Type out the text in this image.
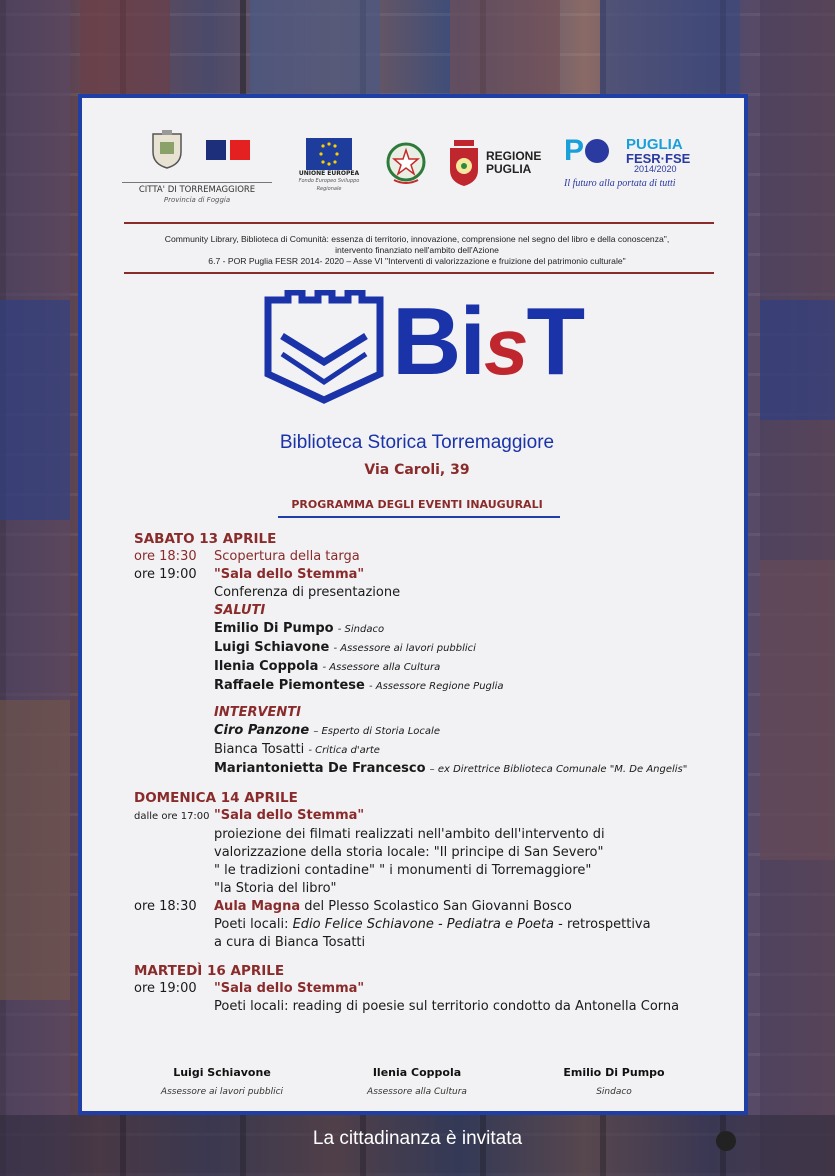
CITTA' DI TORREMAGGIORE
Provincia di Foggia
UNIONE EUROPEA
Fondo Europeo Sviluppo Regionale
REGIONE
PUGLIA
P	PUGLIA
FESR·FSE
2014/2020
Il futuro alla portata di tutti
Community Library, Biblioteca di Comunità: essenza di territorio, innovazione, comprensione nel segno del libro e della conoscenza",
intervento finanziato nell'ambito dell'Azione
6.7 - POR Puglia FESR 2014- 2020 – Asse VI "Interventi di valorizzazione e fruizione del patrimonio culturale"
BisT
Biblioteca Storica Torremaggiore
Via Caroli, 39
PROGRAMMA DEGLI EVENTI INAUGURALI
SABATO 13 APRILE
ore 18:30 Scopertura della targa
ore 19:00 "Sala dello Stemma"
Conferenza di presentazione
SALUTI
Emilio Di Pumpo - Sindaco
Luigi Schiavone - Assessore ai lavori pubblici
Ilenia Coppola - Assessore alla Cultura
Raffaele Piemontese - Assessore Regione Puglia
INTERVENTI
Ciro Panzone – Esperto di Storia Locale
Bianca Tosatti - Critica d'arte
Mariantonietta De Francesco – ex Direttrice Biblioteca Comunale "M. De Angelis"
DOMENICA 14 APRILE
dalle ore 17:00 "Sala dello Stemma"
proiezione dei filmati realizzati nell'ambito dell'intervento di
valorizzazione della storia locale: "Il principe di San Severo"
" le tradizioni contadine" " i monumenti di Torremaggiore"
"la Storia del libro"
ore 18:30 Aula Magna del Plesso Scolastico San Giovanni Bosco
Poeti locali: Edio Felice Schiavone - Pediatra e Poeta - retrospettiva
a cura di Bianca Tosatti
MARTEDÌ 16 APRILE
ore 19:00 "Sala dello Stemma"
Poeti locali: reading di poesie sul territorio condotto da Antonella Corna
Luigi Schiavone
Assessore ai lavori pubblici
Ilenia Coppola
Assessore alla Cultura
Emilio Di Pumpo
Sindaco
La cittadinanza è invitata
